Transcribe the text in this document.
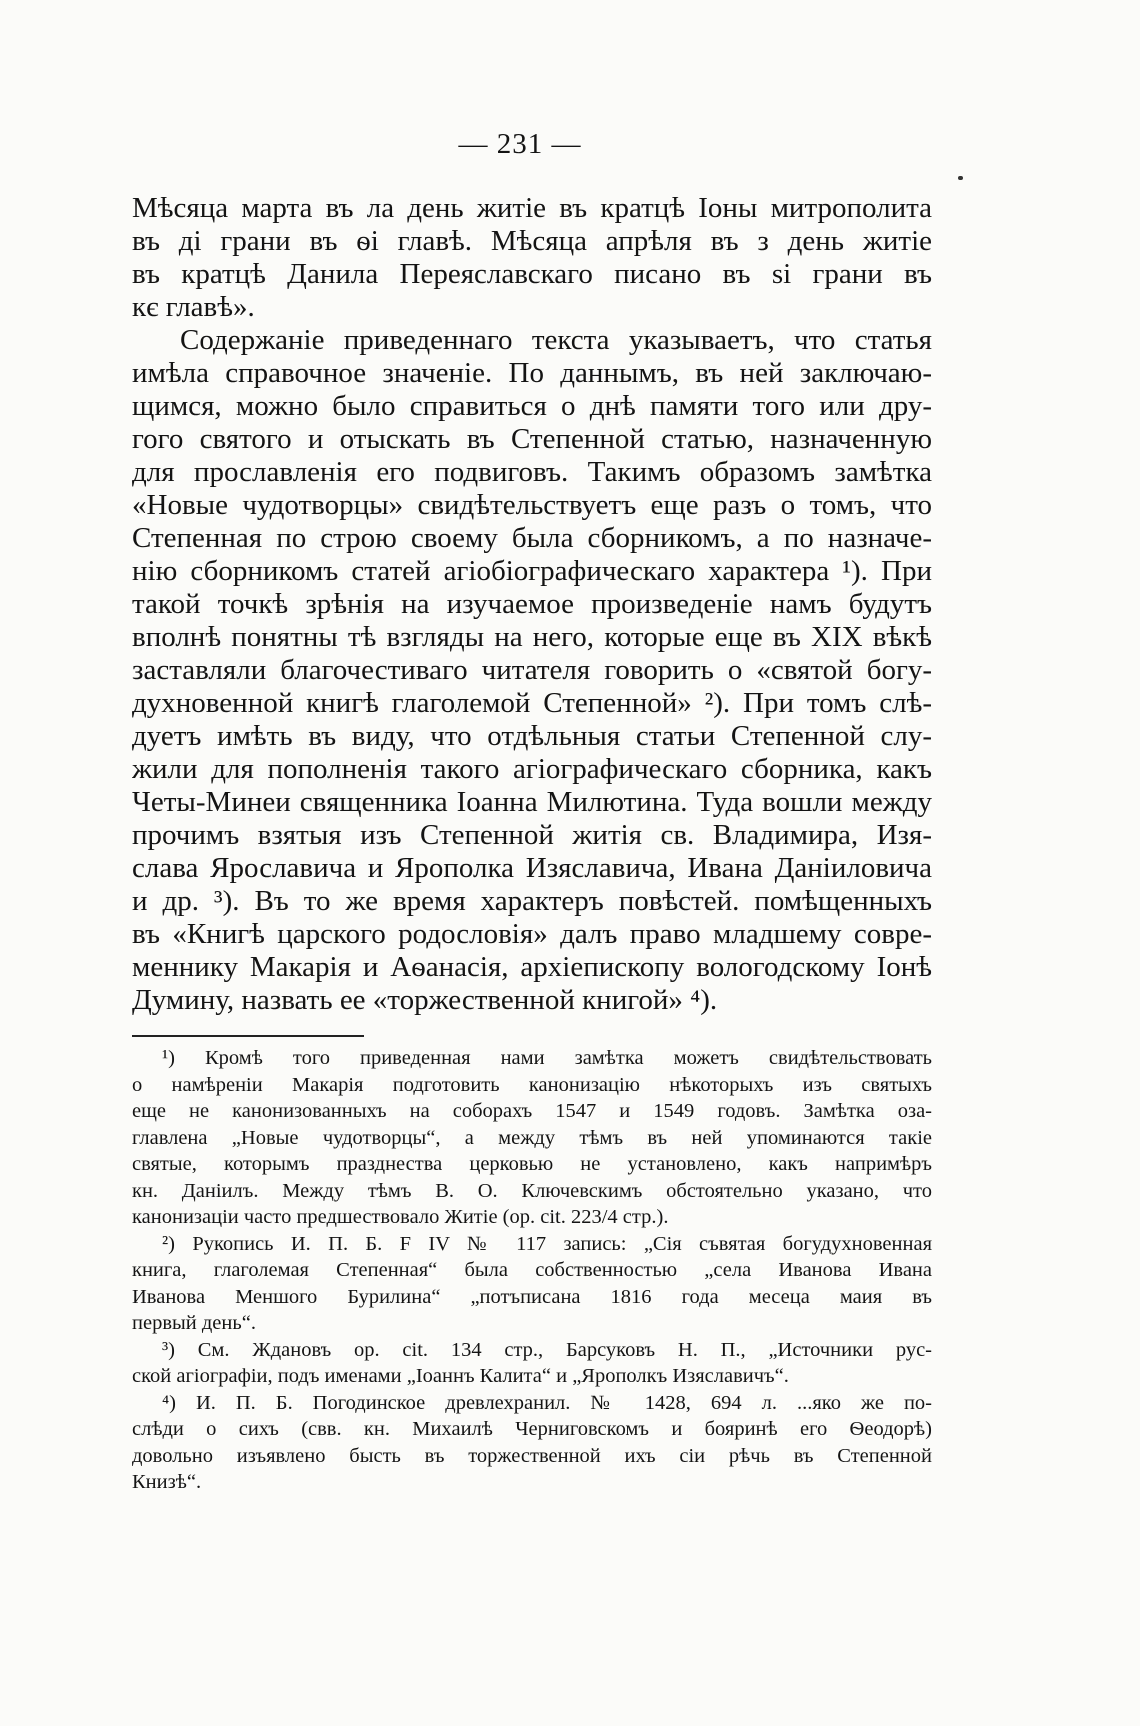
— 231 —
Мѣсяца марта въ ла день житіе въ кратцѣ Іоны митрополита
въ ді грани въ ѳі главѣ. Мѣсяца апрѣля въ з день житіе
въ кратцѣ Данила Переяславскаго писано въ si грани въ
кє главѣ».
Содержаніе приведеннаго текста указываетъ, что статья
имѣла справочное значеніе. По даннымъ, въ ней заключаю-
щимся, можно было справиться о днѣ памяти того или дру-
гого святого и отыскать въ Степенной статью, назначенную
для прославленія его подвиговъ. Такимъ образомъ замѣтка
«Новые чудотворцы» свидѣтельствуетъ еще разъ о томъ, что
Степенная по строю своему была сборникомъ, а по назначе-
нію сборникомъ статей агіобіографическаго характера ¹). При
такой точкѣ зрѣнія на изучаемое произведеніе намъ будутъ
вполнѣ понятны тѣ взгляды на него, которые еще въ XIX вѣкѣ
заставляли благочестиваго читателя говорить о «святой богу-
духновенной книгѣ глаголемой Степенной» ²). При томъ слѣ-
дуетъ имѣть въ виду, что отдѣльныя статьи Степенной слу-
жили для пополненія такого агіографическаго сборника, какъ
Четы-Минеи священника Іоанна Милютина. Туда вошли между
прочимъ взятыя изъ Степенной житія св. Владимира, Изя-
слава Ярославича и Ярополка Изяславича, Ивана Даніиловича
и др. ³). Въ то же время характеръ повѣстей. помѣщенныхъ
въ «Книгѣ царского родословія» далъ право младшему совре-
меннику Макарія и Аѳанасія, архіепископу вологодскому Іонѣ
Думину, назвать ее «торжественной книгой» ⁴).
¹) Кромѣ того приведенная нами замѣтка можетъ свидѣтельствовать
о намѣреніи Макарія подготовить канонизацію нѣкоторыхъ изъ святыхъ
еще не канонизованныхъ на соборахъ 1547 и 1549 годовъ. Замѣтка оза-
главлена „Новые чудотворцы“, а между тѣмъ въ ней упоминаются такіе
святые, которымъ празднества церковью не установлено, какъ напримѣръ
кн. Даніилъ. Между тѣмъ В. О. Ключевскимъ обстоятельно указано, что
канонизаціи часто предшествовало Житіе (op. cit. 223/4 стр.).
²) Рукопись И. П. Б. F IV № 117 запись: „Сія съвятая богудухновенная
книга, глаголемая Степенная“ была собственностью „села Иванова Ивана
Иванова Меншого Бурилина“ „потъписана 1816 года месеца маия въ
первый день“.
³) См. Ждановъ op. cit. 134 стр., Барсуковъ Н. П., „Источники рус-
ской агіографіи, подъ именами „Іоаннъ Калита“ и „Ярополкъ Изяславичъ“.
⁴) И. П. Б. Погодинское древлехранил. № 1428, 694 л. ...яко же по-
слѣди о сихъ (свв. кн. Михаилѣ Черниговскомъ и бояринѣ его Ѳеодорѣ)
довольно изъявлено бысть въ торжественной ихъ сіи рѣчь въ Степенной
Книзѣ“.
